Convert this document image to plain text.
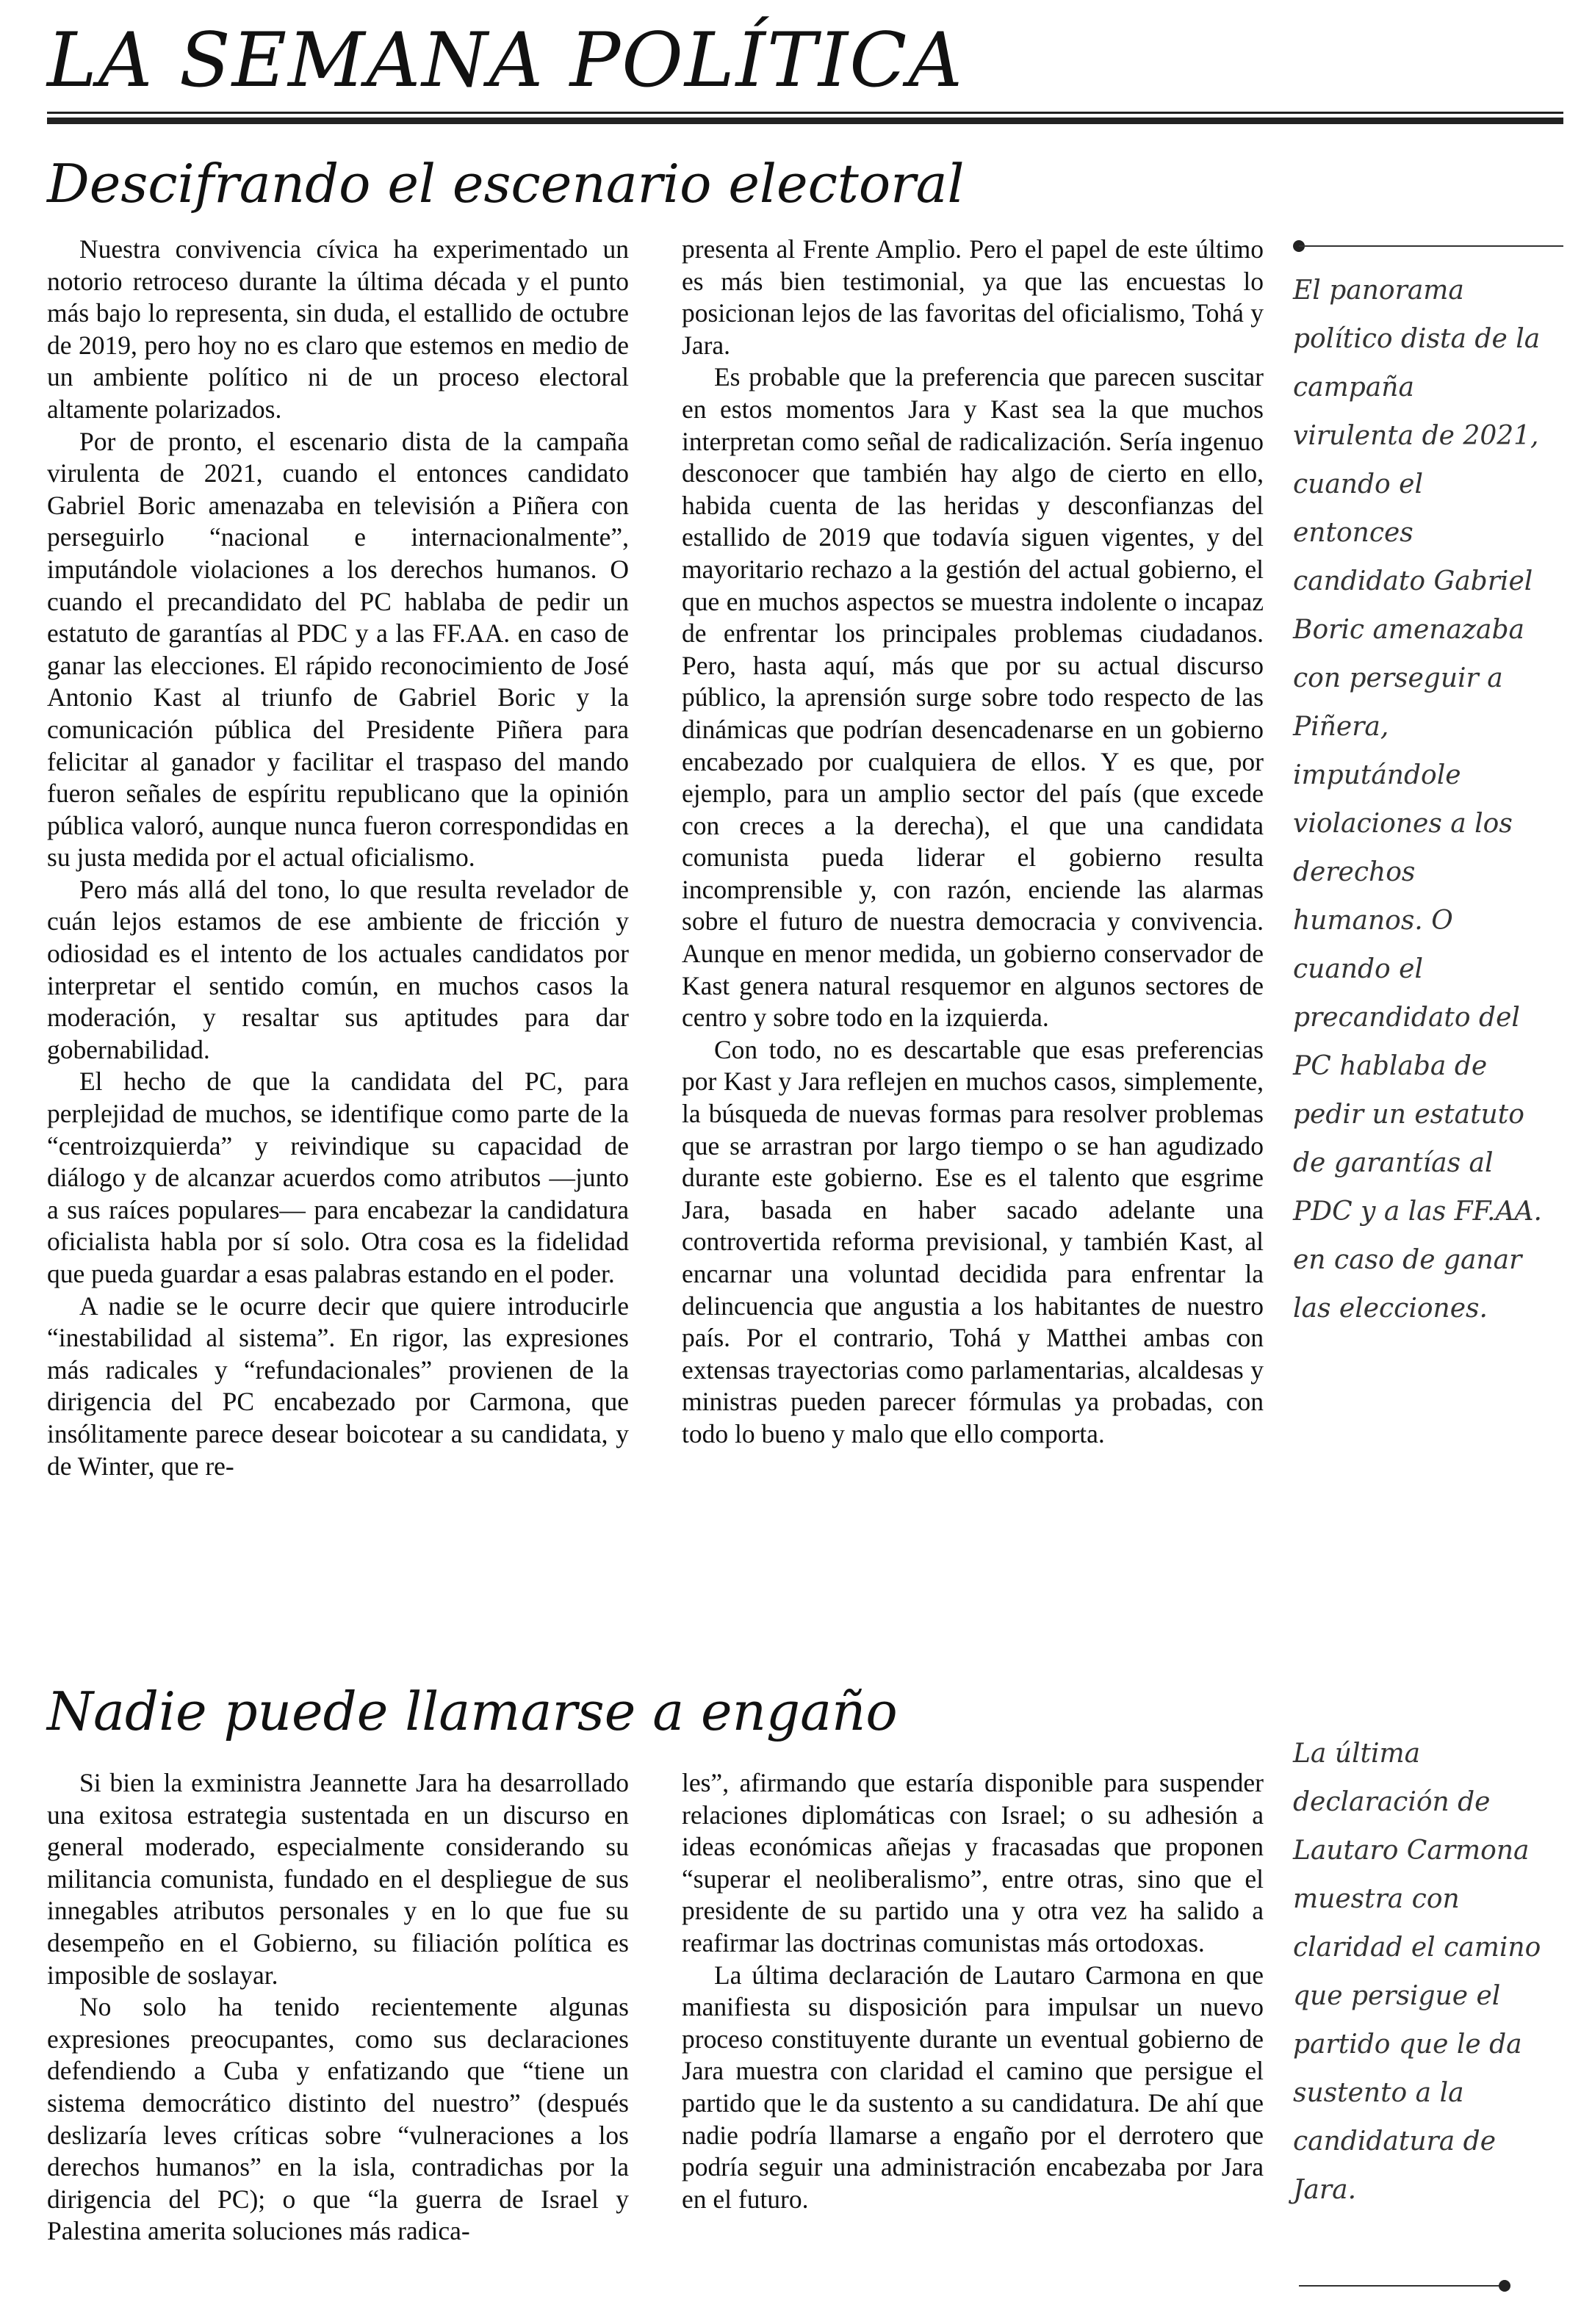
LA SEMANA POLÍTICA
Descifrando el escenario electoral

Nuestra convivencia cívica ha experimentado un notorio retroceso durante la última década y el punto más bajo lo representa, sin duda, el estallido de octubre de 2019, pero hoy no es claro que estemos en medio de un ambiente político ni de un proceso electoral altamente polarizados.

Por de pronto, el escenario dista de la campaña virulenta de 2021, cuando el entonces candidato Gabriel Boric amenazaba en televisión a Piñera con perseguirlo “nacional e internacionalmente”, imputándole violaciones a los derechos humanos. O cuando el precandidato del PC hablaba de pedir un estatuto de garantías al PDC y a las FF.AA. en caso de ganar las elecciones. El rápido reconocimiento de José Antonio Kast al triunfo de Gabriel Boric y la comunicación pública del Presidente Piñera para felicitar al ganador y facilitar el traspaso del mando fueron señales de espíritu republicano que la opinión pública valoró, aunque nunca fueron correspondidas en su justa medida por el actual oficialismo.

Pero más allá del tono, lo que resulta revelador de cuán lejos estamos de ese ambiente de fricción y odiosidad es el intento de los actuales candidatos por interpretar el sentido común, en muchos casos la moderación, y resaltar sus aptitudes para dar gobernabilidad.

El hecho de que la candidata del PC, para perplejidad de muchos, se identifique como parte de la “centroizquierda” y reivindique su capacidad de diálogo y de alcanzar acuerdos como atributos —junto a sus raíces populares— para encabezar la candidatura oficialista habla por sí solo. Otra cosa es la fidelidad que pueda guardar a esas palabras estando en el poder.

A nadie se le ocurre decir que quiere introducirle “inestabilidad al sistema”. En rigor, las expresiones más radicales y “refundacionales” provienen de la dirigencia del PC encabezado por Carmona, que insólitamente parece desear boicotear a su candidata, y de Winter, que re-

presenta al Frente Amplio. Pero el papel de este último es más bien testimonial, ya que las encuestas lo posicionan lejos de las favoritas del oficialismo, Tohá y Jara.

Es probable que la preferencia que parecen suscitar en estos momentos Jara y Kast sea la que muchos interpretan como señal de radicalización. Sería ingenuo desconocer que también hay algo de cierto en ello, habida cuenta de las heridas y desconfianzas del estallido de 2019 que todavía siguen vigentes, y del mayoritario rechazo a la gestión del actual gobierno, el que en muchos aspectos se muestra indolente o incapaz de enfrentar los principales problemas ciudadanos. Pero, hasta aquí, más que por su actual discurso público, la aprensión surge sobre todo respecto de las dinámicas que podrían desencadenarse en un gobierno encabezado por cualquiera de ellos. Y es que, por ejemplo, para un amplio sector del país (que excede con creces a la derecha), el que una candidata comunista pueda liderar el gobierno resulta incomprensible y, con razón, enciende las alarmas sobre el futuro de nuestra democracia y convivencia. Aunque en menor medida, un gobierno conservador de Kast genera natural resquemor en algunos sectores de centro y sobre todo en la izquierda.

Con todo, no es descartable que esas preferencias por Kast y Jara reflejen en muchos casos, simplemente, la búsqueda de nuevas formas para resolver problemas que se arrastran por largo tiempo o se han agudizado durante este gobierno. Ese es el talento que esgrime Jara, basada en haber sacado adelante una controvertida reforma previsional, y también Kast, al encarnar una voluntad decidida para enfrentar la delincuencia que angustia a los habitantes de nuestro país. Por el contrario, Tohá y Matthei ambas con extensas trayectorias como parlamentarias, alcaldesas y ministras pueden parecer fórmulas ya probadas, con todo lo bueno y malo que ello comporta.

El panorama político dista de la campaña virulenta de 2021, cuando el entonces candidato Gabriel Boric amenazaba con perseguir a Piñera, imputándole violaciones a los derechos humanos. O cuando el precandidato del PC hablaba de pedir un estatuto de garantías al PDC y a las FF.AA. en caso de ganar las elecciones.

Nadie puede llamarse a engaño

Si bien la exministra Jeannette Jara ha desarrollado una exitosa estrategia sustentada en un discurso en general moderado, especialmente considerando su militancia comunista, fundado en el despliegue de sus innegables atributos personales y en lo que fue su desempeño en el Gobierno, su filiación política es imposible de soslayar.

No solo ha tenido recientemente algunas expresiones preocupantes, como sus declaraciones defendiendo a Cuba y enfatizando que “tiene un sistema democrático distinto del nuestro” (después deslizaría leves críticas sobre “vulneraciones a los derechos humanos” en la isla, contradichas por la dirigencia del PC); o que “la guerra de Israel y Palestina amerita soluciones más radica-

les”, afirmando que estaría disponible para suspender relaciones diplomáticas con Israel; o su adhesión a ideas económicas añejas y fracasadas que proponen “superar el neoliberalismo”, entre otras, sino que el presidente de su partido una y otra vez ha salido a reafirmar las doctrinas comunistas más ortodoxas.

La última declaración de Lautaro Carmona en que manifiesta su disposición para impulsar un nuevo proceso constituyente durante un eventual gobierno de Jara muestra con claridad el camino que persigue el partido que le da sustento a su candidatura. De ahí que nadie podría llamarse a engaño por el derrotero que podría seguir una administración encabezaba por Jara en el futuro.

La última declaración de Lautaro Carmona muestra con claridad el camino que persigue el partido que le da sustento a la candidatura de Jara.
